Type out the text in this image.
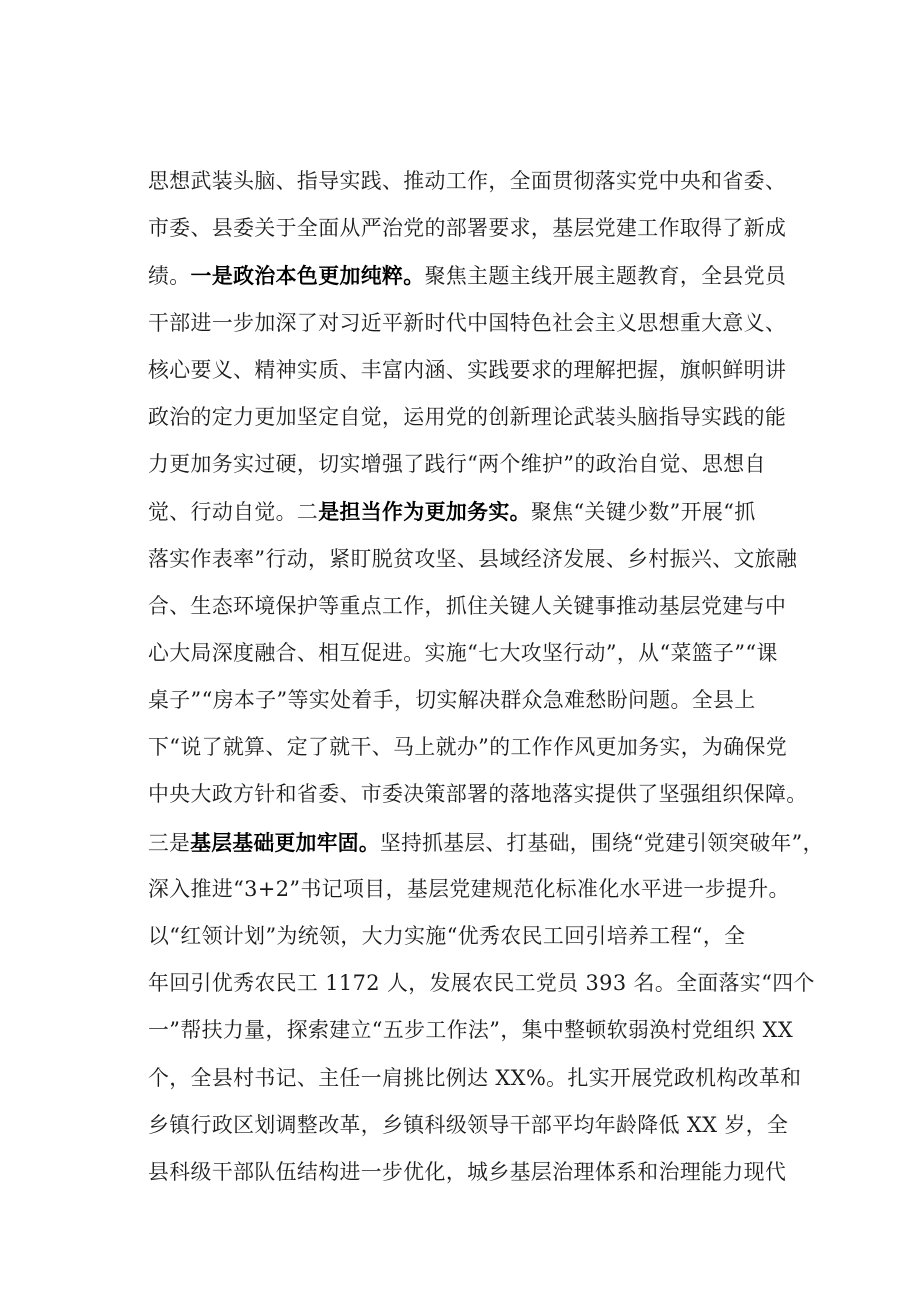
思想武装头脑、指导实践、推动工作，全面贯彻落实党中央和省委、
市委、县委关于全面从严治党的部署要求，基层党建工作取得了新成
绩。一是政治本色更加纯粹。聚焦主题主线开展主题教育，全县党员
干部进一步加深了对习近平新时代中国特色社会主义思想重大意义、
核心要义、精神实质、丰富内涵、实践要求的理解把握，旗帜鲜明讲
政治的定力更加坚定自觉，运用党的创新理论武装头脑指导实践的能
力更加务实过硬，切实增强了践行“两个维护”的政治自觉、思想自
觉、行动自觉。二是担当作为更加务实。聚焦“关键少数”开展“抓
落实作表率”行动，紧盯脱贫攻坚、县域经济发展、乡村振兴、文旅融
合、生态环境保护等重点工作，抓住关键人关键事推动基层党建与中
心大局深度融合、相互促进。实施“七大攻坚行动”，从“菜篮子”“课
桌子”“房本子”等实处着手，切实解决群众急难愁盼问题。全县上
下“说了就算、定了就干、马上就办”的工作作风更加务实，为确保党
中央大政方针和省委、市委决策部署的落地落实提供了坚强组织保障。
三是基层基础更加牢固。坚持抓基层、打基础，围绕“党建引领突破年”，
深入推进“3+2”书记项目，基层党建规范化标准化水平进一步提升。
以“红领计划”为统领，大力实施“优秀农民工回引培养工程“，全
年回引优秀农民工 1172 人，发展农民工党员 393 名。全面落实“四个
一”帮扶力量，探索建立“五步工作法”，集中整顿软弱涣村党组织 XX
个，全县村书记、主任一肩挑比例达 XX%。扎实开展党政机构改革和
乡镇行政区划调整改革，乡镇科级领导干部平均年龄降低 XX 岁，全
县科级干部队伍结构进一步优化，城乡基层治理体系和治理能力现代
